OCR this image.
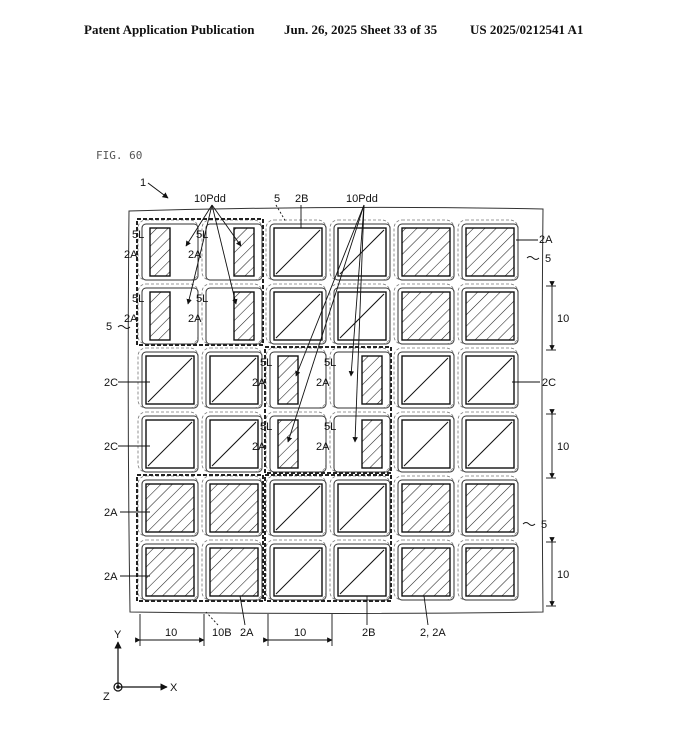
Patent Application Publication Jun. 26, 2025 Sheet 33 of 35	US 2025/0212541 A1
FIG. 60
1
5L
2A
5L
2A
5L
2A
5L
2A
5L
2A
5L
2A
5L
2A
5L
2A
10Pdd	5 2B	10Pdd
5
2C
2C
2A
2A
2A
5
2C
5
10
10
10
10	10
10B 2A	2B	2, 2A
Y
X
Z
